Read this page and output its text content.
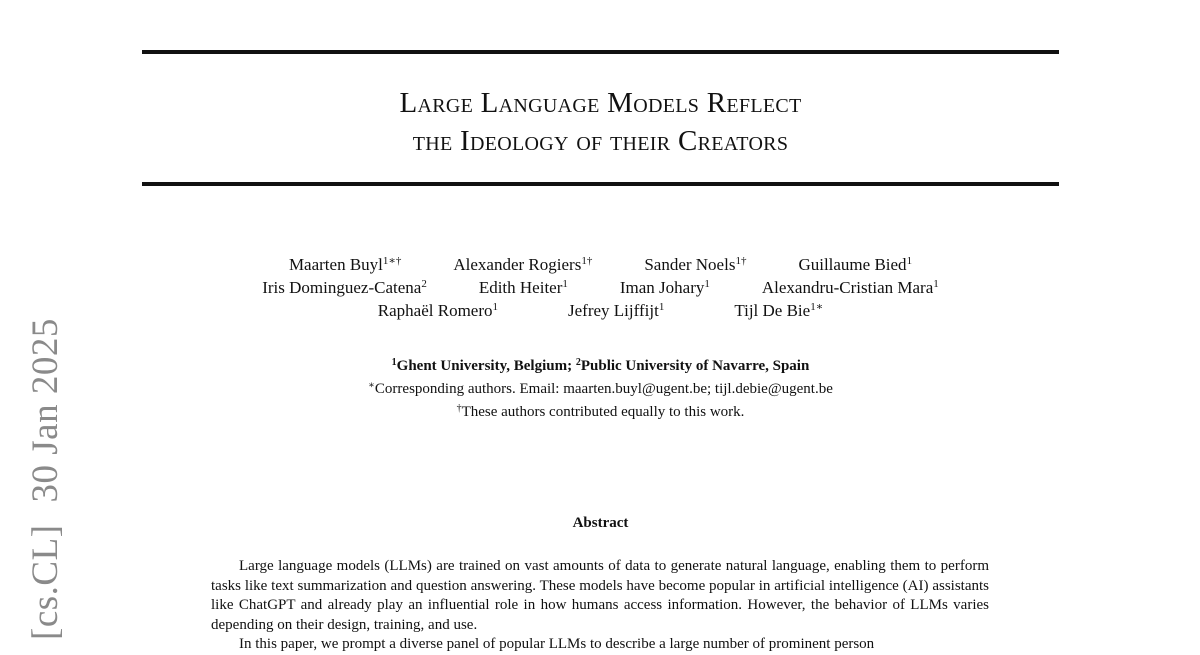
Large Language Models Reflect
the Ideology of their Creators
Maarten Buyl$^{1∗\dagger}$	Alexander Rogiers$^{1\dagger}$	Sander Noels$^{1\dagger}$	Guillaume Bied$^1$
Iris Dominguez-Catena$^2$	Edith Heiter$^1$	Iman Johary$^1$	Alexandru-Cristian Mara$^1$
Raphaël Romero$^1$	Jefrey Lijffijt$^1$	Tijl De Bie$^{1∗}$
$^1$Ghent University, Belgium; $^2$Public University of Navarre, Spain
∗Corresponding authors. Email: maarten.buyl@ugent.be; tijl.debie@ugent.be
†These authors contributed equally to this work.
Abstract

Large language models (LLMs) are trained on vast amounts of data to generate natural language, enabling them to perform tasks like text summarization and question answering. These models have become popular in artificial intelligence (AI) assistants like ChatGPT and already play an influential role in how humans access information. However, the behavior of LLMs varies depending on their design, training, and use.

In this paper, we prompt a diverse panel of popular LLMs to describe a large number of prominent person

[cs.CL]30 Jan 2025
